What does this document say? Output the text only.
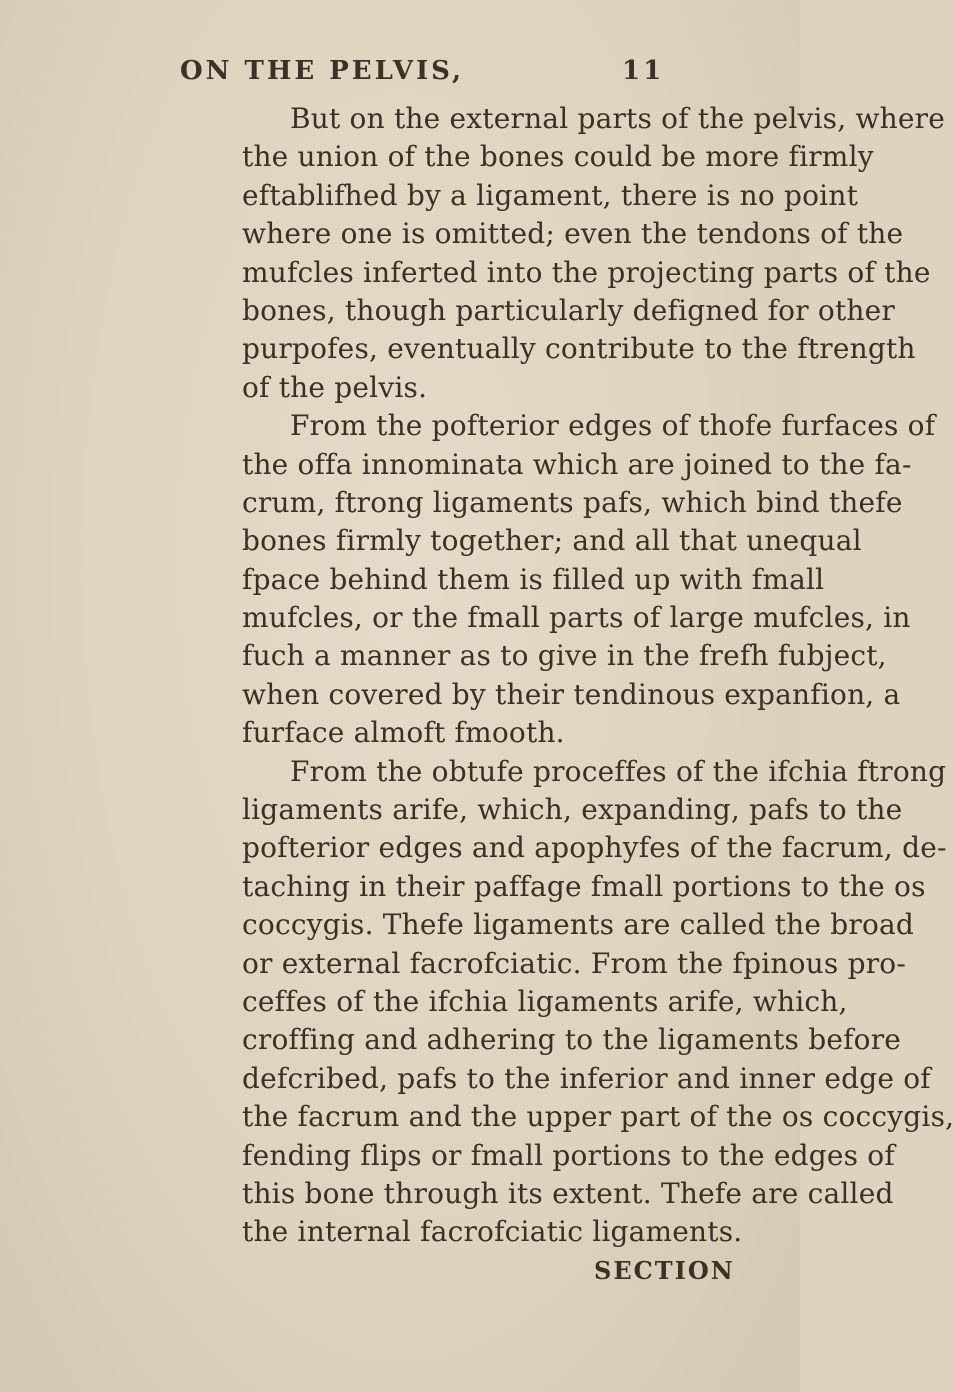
ON THE PELVIS,	11
But on the external parts of the pelvis, where
the union of the bones could be more firmly
eftablifhed by a ligament, there is no point
where one is omitted; even the tendons of the
mufcles inferted into the projecting parts of the
bones, though particularly defigned for other
purpofes, eventually contribute to the ftrength
of the pelvis.
From the pofterior edges of thofe furfaces of
the offa innominata which are joined to the fa-
crum, ftrong ligaments pafs, which bind thefe
bones firmly together; and all that unequal
fpace behind them is filled up with fmall
mufcles, or the fmall parts of large mufcles, in
fuch a manner as to give in the frefh fubject,
when covered by their tendinous expanfion, a
furface almoft fmooth.
From the obtufe proceffes of the ifchia ftrong
ligaments arife, which, expanding, pafs to the
pofterior edges and apophyfes of the facrum, de-
taching in their paffage fmall portions to the os
coccygis. Thefe ligaments are called the broad
or external facrofciatic. From the fpinous pro-
ceffes of the ifchia ligaments arife, which,
croffing and adhering to the ligaments before
defcribed, pafs to the inferior and inner edge of
the facrum and the upper part of the os coccygis,
fending flips or fmall portions to the edges of
this bone through its extent. Thefe are called
the internal facrofciatic ligaments.
SECTION
